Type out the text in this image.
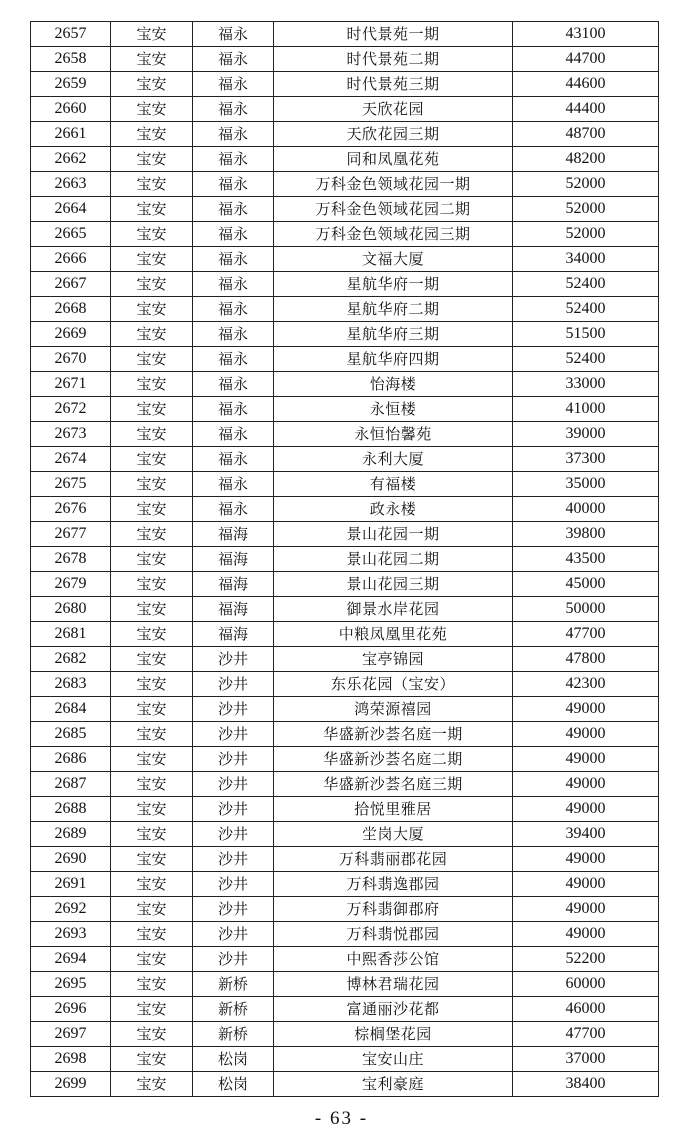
2657	宝安	福永	时代景苑一期	43100
2658	宝安	福永	时代景苑二期	44700
2659	宝安	福永	时代景苑三期	44600
2660	宝安	福永	天欣花园	44400
2661	宝安	福永	天欣花园三期	48700
2662	宝安	福永	同和凤凰花苑	48200
2663	宝安	福永	万科金色领域花园一期	52000
2664	宝安	福永	万科金色领域花园二期	52000
2665	宝安	福永	万科金色领域花园三期	52000
2666	宝安	福永	文福大厦	34000
2667	宝安	福永	星航华府一期	52400
2668	宝安	福永	星航华府二期	52400
2669	宝安	福永	星航华府三期	51500
2670	宝安	福永	星航华府四期	52400
2671	宝安	福永	怡海楼	33000
2672	宝安	福永	永恒楼	41000
2673	宝安	福永	永恒怡馨苑	39000
2674	宝安	福永	永利大厦	37300
2675	宝安	福永	有福楼	35000
2676	宝安	福永	政永楼	40000
2677	宝安	福海	景山花园一期	39800
2678	宝安	福海	景山花园二期	43500
2679	宝安	福海	景山花园三期	45000
2680	宝安	福海	御景水岸花园	50000
2681	宝安	福海	中粮凤凰里花苑	47700
2682	宝安	沙井	宝亭锦园	47800
2683	宝安	沙井	东乐花园（宝安）	42300
2684	宝安	沙井	鸿荣源禧园	49000
2685	宝安	沙井	华盛新沙荟名庭一期	49000
2686	宝安	沙井	华盛新沙荟名庭二期	49000
2687	宝安	沙井	华盛新沙荟名庭三期	49000
2688	宝安	沙井	拾悦里雅居	49000
2689	宝安	沙井	坣岗大厦	39400
2690	宝安	沙井	万科翡丽郡花园	49000
2691	宝安	沙井	万科翡逸郡园	49000
2692	宝安	沙井	万科翡御郡府	49000
2693	宝安	沙井	万科翡悦郡园	49000
2694	宝安	沙井	中熙香莎公馆	52200
2695	宝安	新桥	博林君瑞花园	60000
2696	宝安	新桥	富通丽沙花都	46000
2697	宝安	新桥	棕榈堡花园	47700
2698	宝安	松岗	宝安山庄	37000
2699	宝安	松岗	宝利豪庭	38400
- 63 -
